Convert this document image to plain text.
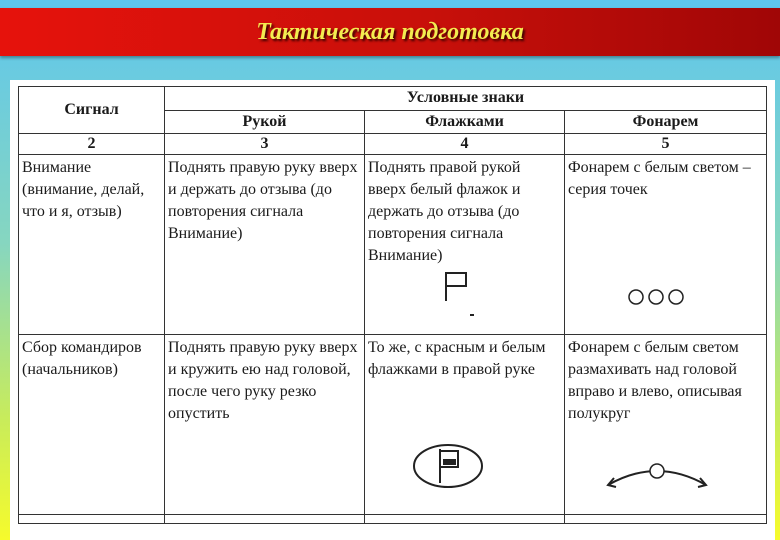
Тактическая подготовка
Сигнал	Условные знаки		
	Рукой	Флажками	Фонарем
2	3	4	5
Внимание (внимание, делай, что и я, отзыв)	Поднять правую руку вверх и держать до отзыва (до повторения сигнала Внимание)	Поднять правой рукой вверх белый флажок и держать до отзыва (до повторения сигнала Внимание)	Фонарем с белым светом – серия точек

Сбор командиров (начальников)	Поднять правую руку вверх и кружить ею над головой, после чего руку резко опустить	То же, с красным и белым флажками в правой руке	Фонарем с белым светом размахивать над головой вправо и влево, описывая полукруг
